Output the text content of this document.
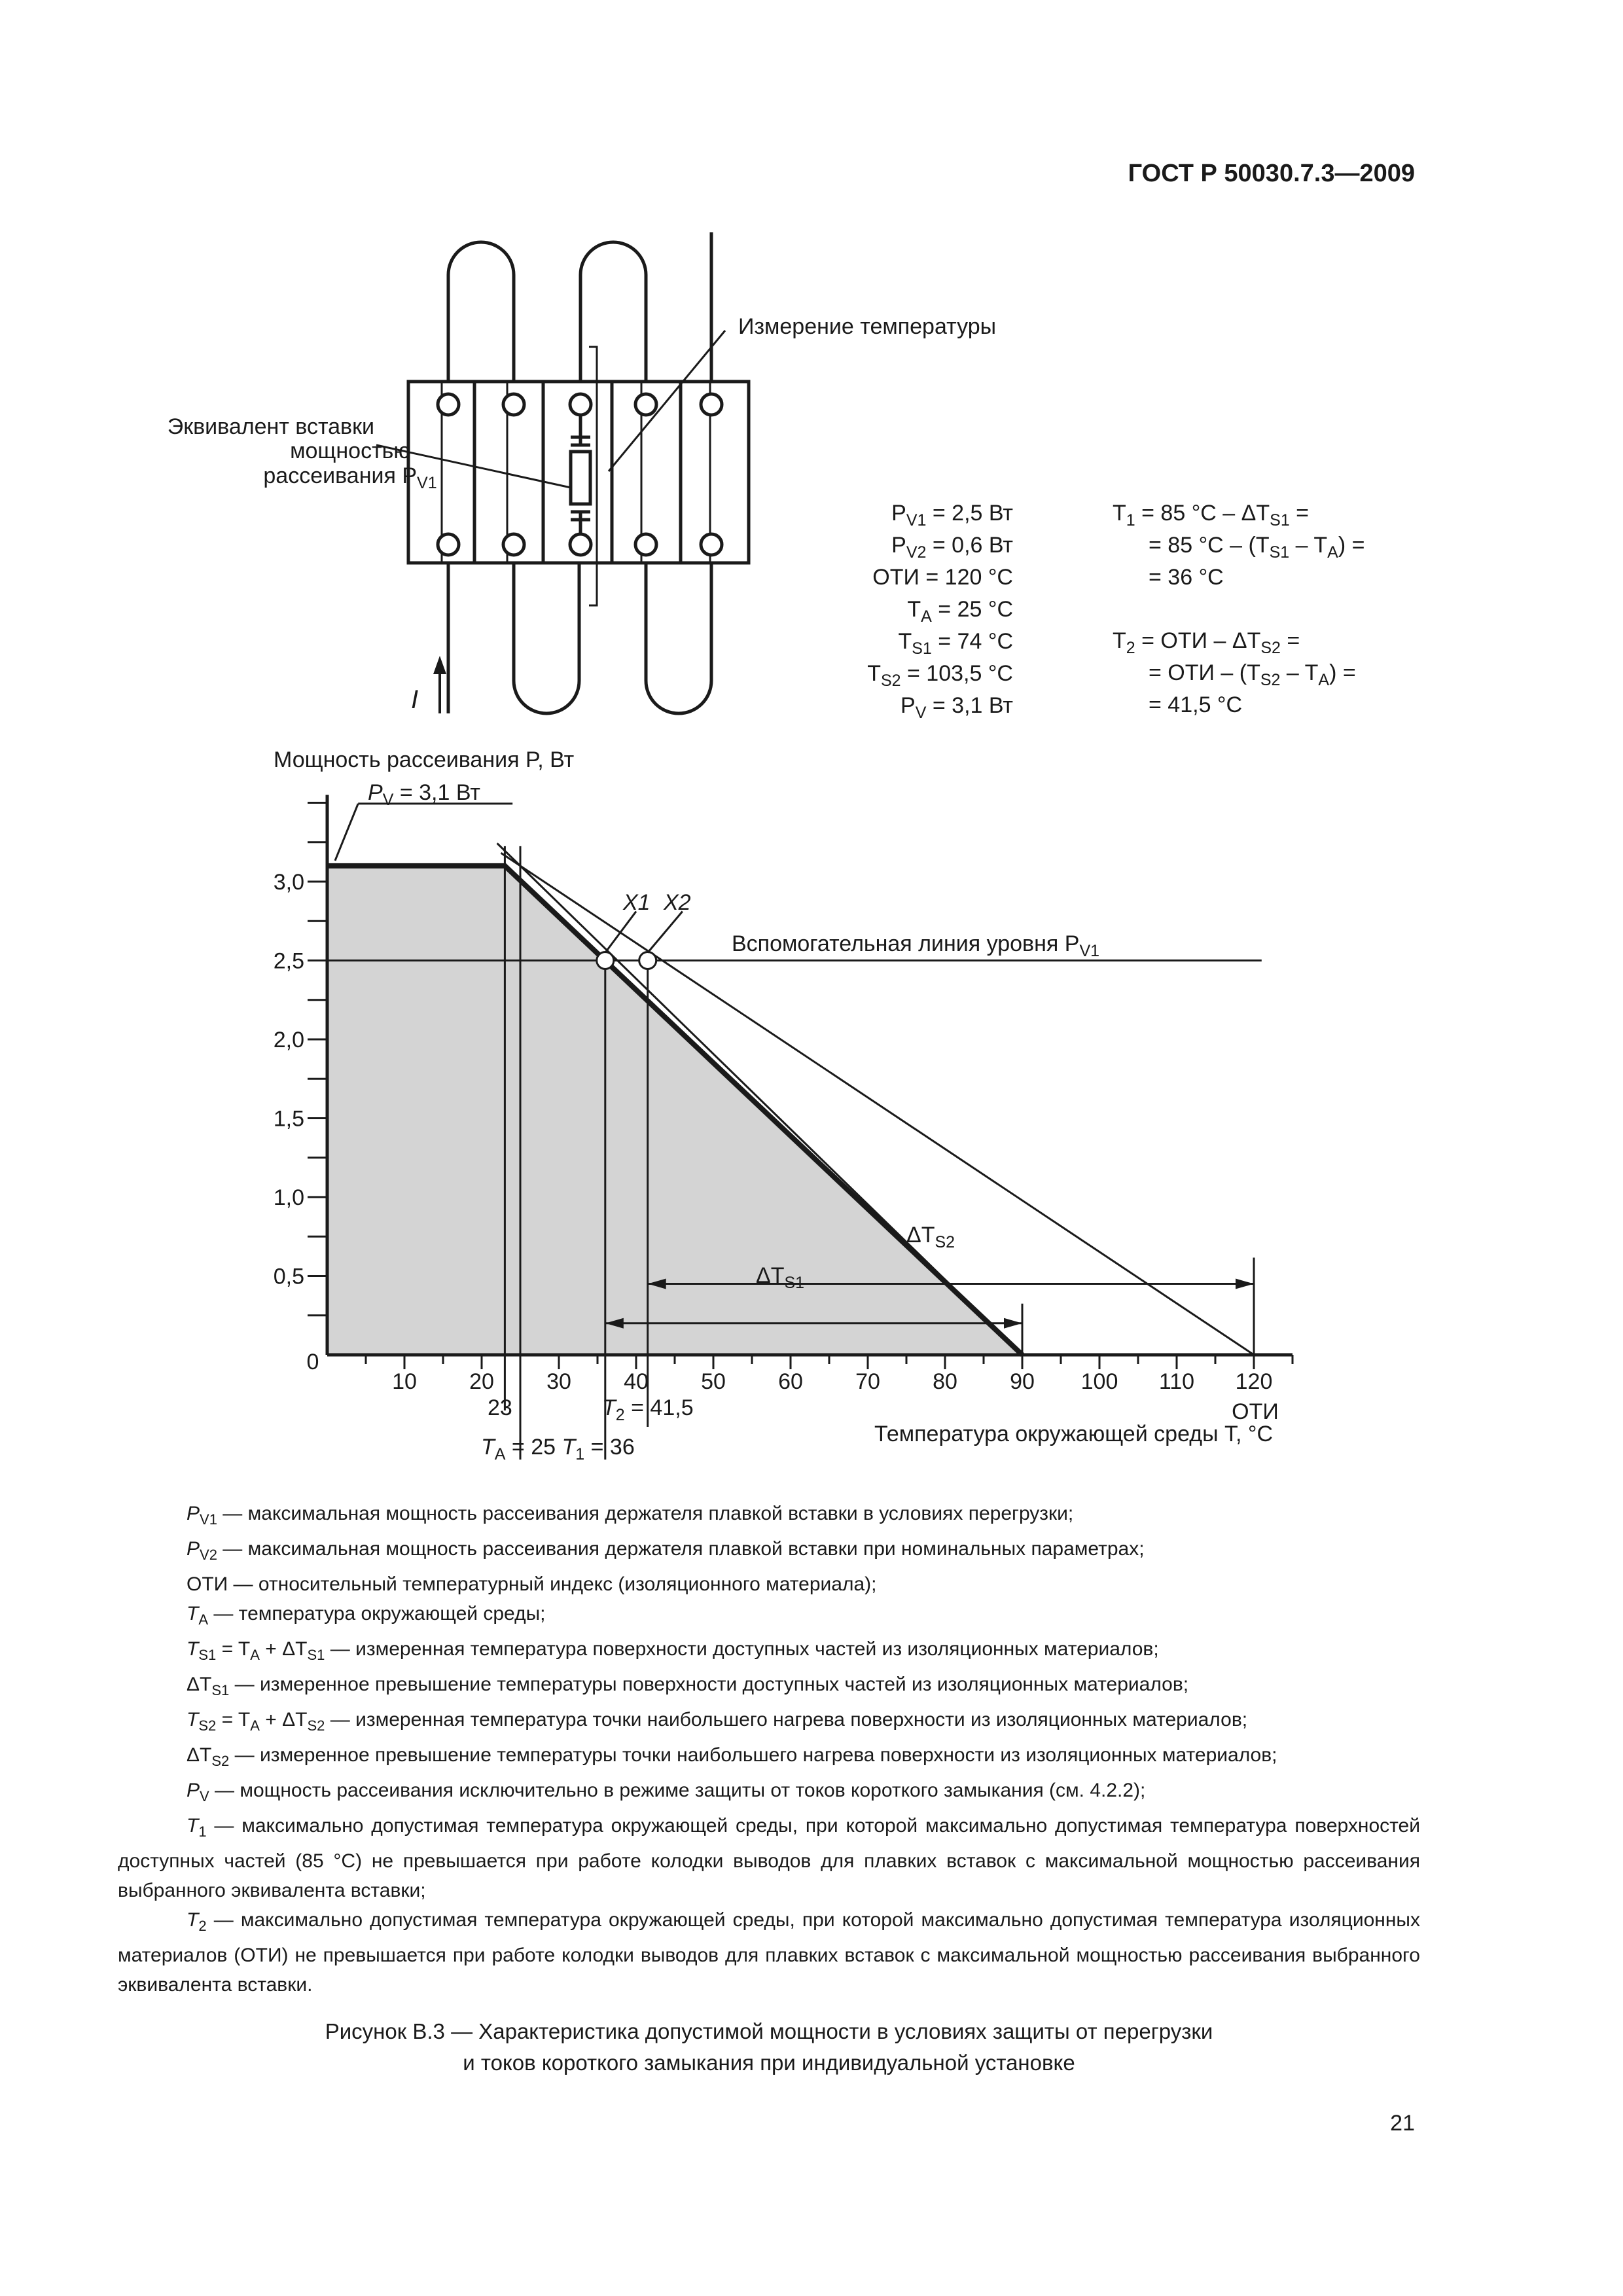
ГОСТ Р 50030.7.3—2009
I
Измерение температуры
Эквивалент вставки
мощностью
рассеивания $P_{V1}$
$P_{V1} = 2,5$ Вт
$P_{V2} = 0,6$ Вт
ОТИ = 120 °С
$T_A = 25$ °С
$T_{S1} = 74$ °С
$T_{S2} = 103,5$ °С
$P_V = 3,1$ Вт
$T_1 = 85$ $^\circ С - \Delta T_{S1}$ =
= 85 $^\circ С - (T_{S1} - T_A)$ =
= 36 °С
$T_2$ = ОТИ – $\Delta T_{S2}$ =
= ОТИ – $(T_{S2} - T_A)$ =
= 41,5 °С
0,5
1,0
1,5
2,0
2,5
3,0
10 20 30 40 50 60 70 80 90 100 110 120
Мощность рассеивания P, Вт
Температура окружающей среды T, °С
ОТИ
0
$P_V = 3,1$ Вт
Вспомогательная линия уровня $P_{V1}$
X1 X2
$\Delta T_{S2}$
$\Delta T_{S1}$
23	$T_2 = 41,5$
$T_A = 25$ $T_1 = 36$

$P_{V1}$ — максимальная мощность рассеивания держателя плавкой вставки в условиях перегрузки;

$P_{V2}$ — максимальная мощность рассеивания держателя плавкой вставки при номинальных параметрах;

ОТИ — относительный температурный индекс (изоляционного материала);

$T_A$ — температура окружающей среды;

$T_{S1} = T_A + \Delta T_{S1}$ — измеренная температура поверхности доступных частей из изоляционных материалов;

$\Delta T_{S1}$ — измеренное превышение температуры поверхности доступных частей из изоляционных материалов;

$T_{S2} = T_A + \Delta T_{S2}$ — измеренная температура точки наибольшего нагрева поверхности из изоляционных материалов;

$\Delta T_{S2}$ — измеренное превышение температуры точки наибольшего нагрева поверхности из изоляционных материалов;

$P_V$ — мощность рассеивания исключительно в режиме защиты от токов короткого замыкания (см. 4.2.2);

$T_1$ — максимально допустимая температура окружающей среды, при которой максимально допустимая температура поверхностей доступных частей (85 °С) не превышается при работе колодки выводов для плавких вставок с максимальной мощностью рассеивания выбранного эквивалента вставки;

$T_2$ — максимально допустимая температура окружающей среды, при которой максимально допустимая температура изоляционных материалов (ОТИ) не превышается при работе колодки выводов для плавких вставок с максимальной мощностью рассеивания выбранного эквивалента вставки.

Рисунок В.3 — Характеристика допустимой мощности в условиях защиты от перегрузки
и токов короткого замыкания при индивидуальной установке
21
